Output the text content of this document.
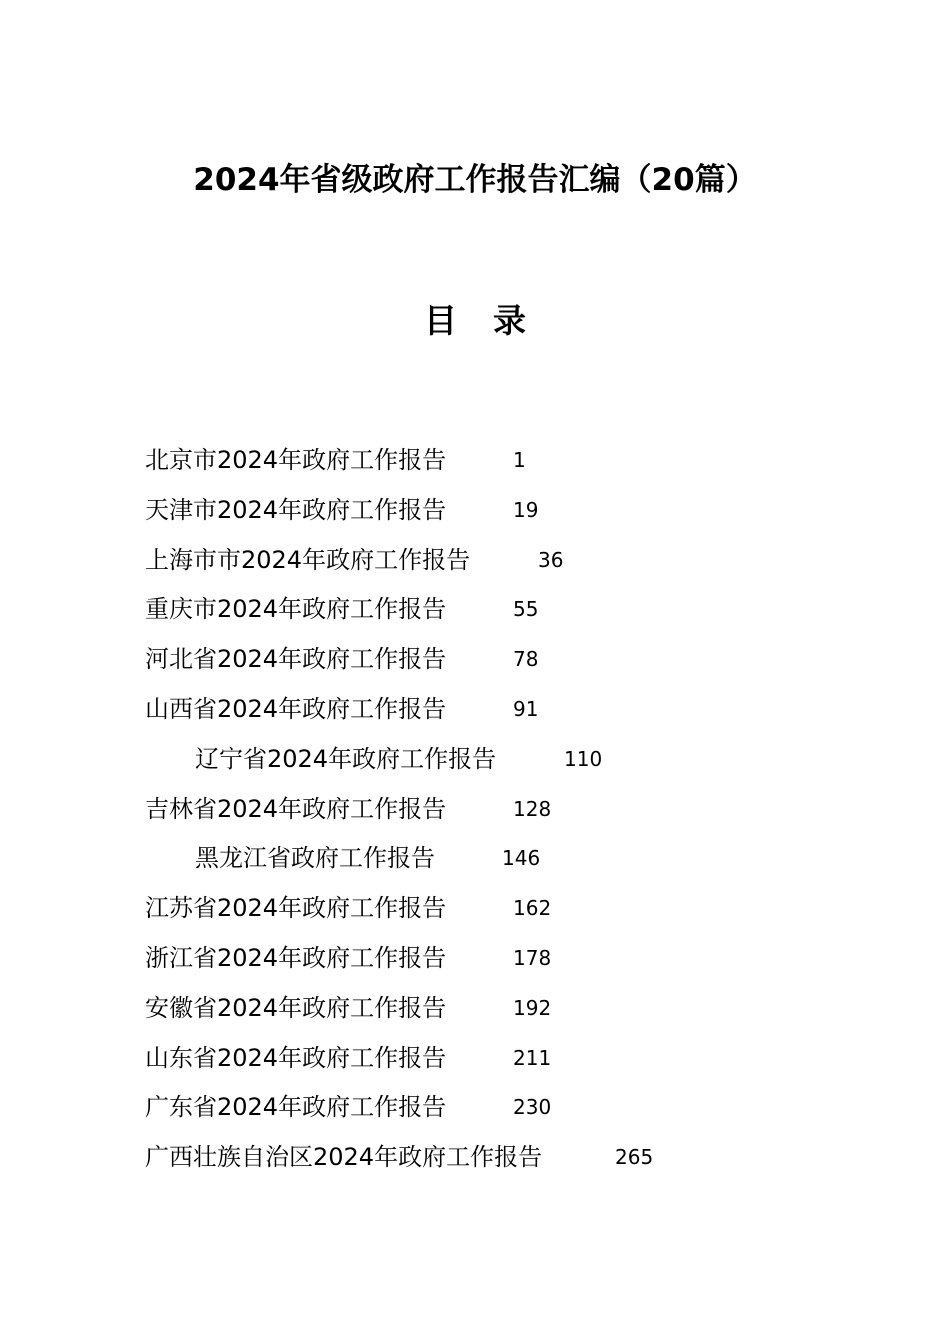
2024年省级政府工作报告汇编（20篇）
目 录
北京市2024年政府工作报告	1
天津市2024年政府工作报告	19
上海市市2024年政府工作报告	36
重庆市2024年政府工作报告	55
河北省2024年政府工作报告	78
山西省2024年政府工作报告	91
辽宁省2024年政府工作报告	110
吉林省2024年政府工作报告	128
黑龙江省政府工作报告	146
江苏省2024年政府工作报告	162
浙江省2024年政府工作报告	178
安徽省2024年政府工作报告	192
山东省2024年政府工作报告	211
广东省2024年政府工作报告	230
广西壮族自治区2024年政府工作报告	265
